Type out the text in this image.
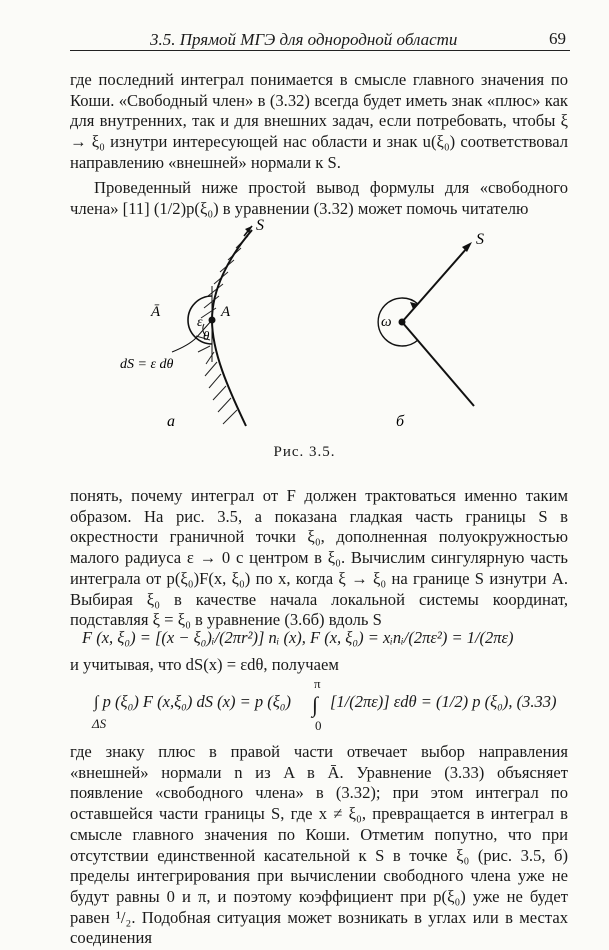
3.5. Прямой МГЭ для однородной области	69

где последний интеграл понимается в смысле главного значения по Коши. «Свободный член» в (3.32) всегда будет иметь знак «плюс» как для внутренних, так и для внешних задач, если потребовать, чтобы ξ → ξ₀ изнутри интересующей нас области и знак u(ξ₀) соответствовал направлению «внешней» нормали к S.

Проведенный ниже простой вывод формулы для «свободного члена» [11] (1/2)p(ξ₀) в уравнении (3.32) может помочь читателю

S
Ā	A
ε
θ
dS = ε dθ
а
S
ω
б
Рис. 3.5.

понять, почему интеграл от F должен трактоваться именно таким образом. На рис. 3.5, а показана гладкая часть границы S в окрестности граничной точки ξ₀, дополненная полуокружностью малого радиуса ε → 0 с центром в ξ₀. Вычислим сингулярную часть интеграла от p(ξ₀)F(x, ξ₀) по x, когда ξ → ξ₀ на границе S изнутри A. Выбирая ξ₀ в качестве начала локальной системы координат, подставляя ξ = ξ₀ в уравнение (3.6б) вдоль S

F (x, ξ₀) = [(x − ξ₀)ᵢ/(2πr²)] nᵢ (x), F (x, ξ₀) = xᵢnᵢ/(2πε²) = 1/(2πε)

и учитывая, что dS(x) = εdθ, получаем

∫ p (ξ₀) F (x,ξ₀) dS (x) = p (ξ₀)
π
0
ΔS
∫ [1/(2πε)] εdθ = (1/2) p (ξ₀), (3.33)

где знаку плюс в правой части отвечает выбор направления «внешней» нормали n из A в Ā. Уравнение (3.33) объясняет появление «свободного члена» в (3.32); при этом интеграл по оставшейся части границы S, где x ≠ ξ₀, превращается в интеграл в смысле главного значения по Коши. Отметим попутно, что при отсутствии единственной касательной к S в точке ξ₀ (рис. 3.5, б) пределы интегрирования при вычислении свободного члена уже не будут равны 0 и π, и поэтому коэффициент при p(ξ₀) уже не будет равен ¹/₂. Подобная ситуация может возникать в углах или в местах соединения
